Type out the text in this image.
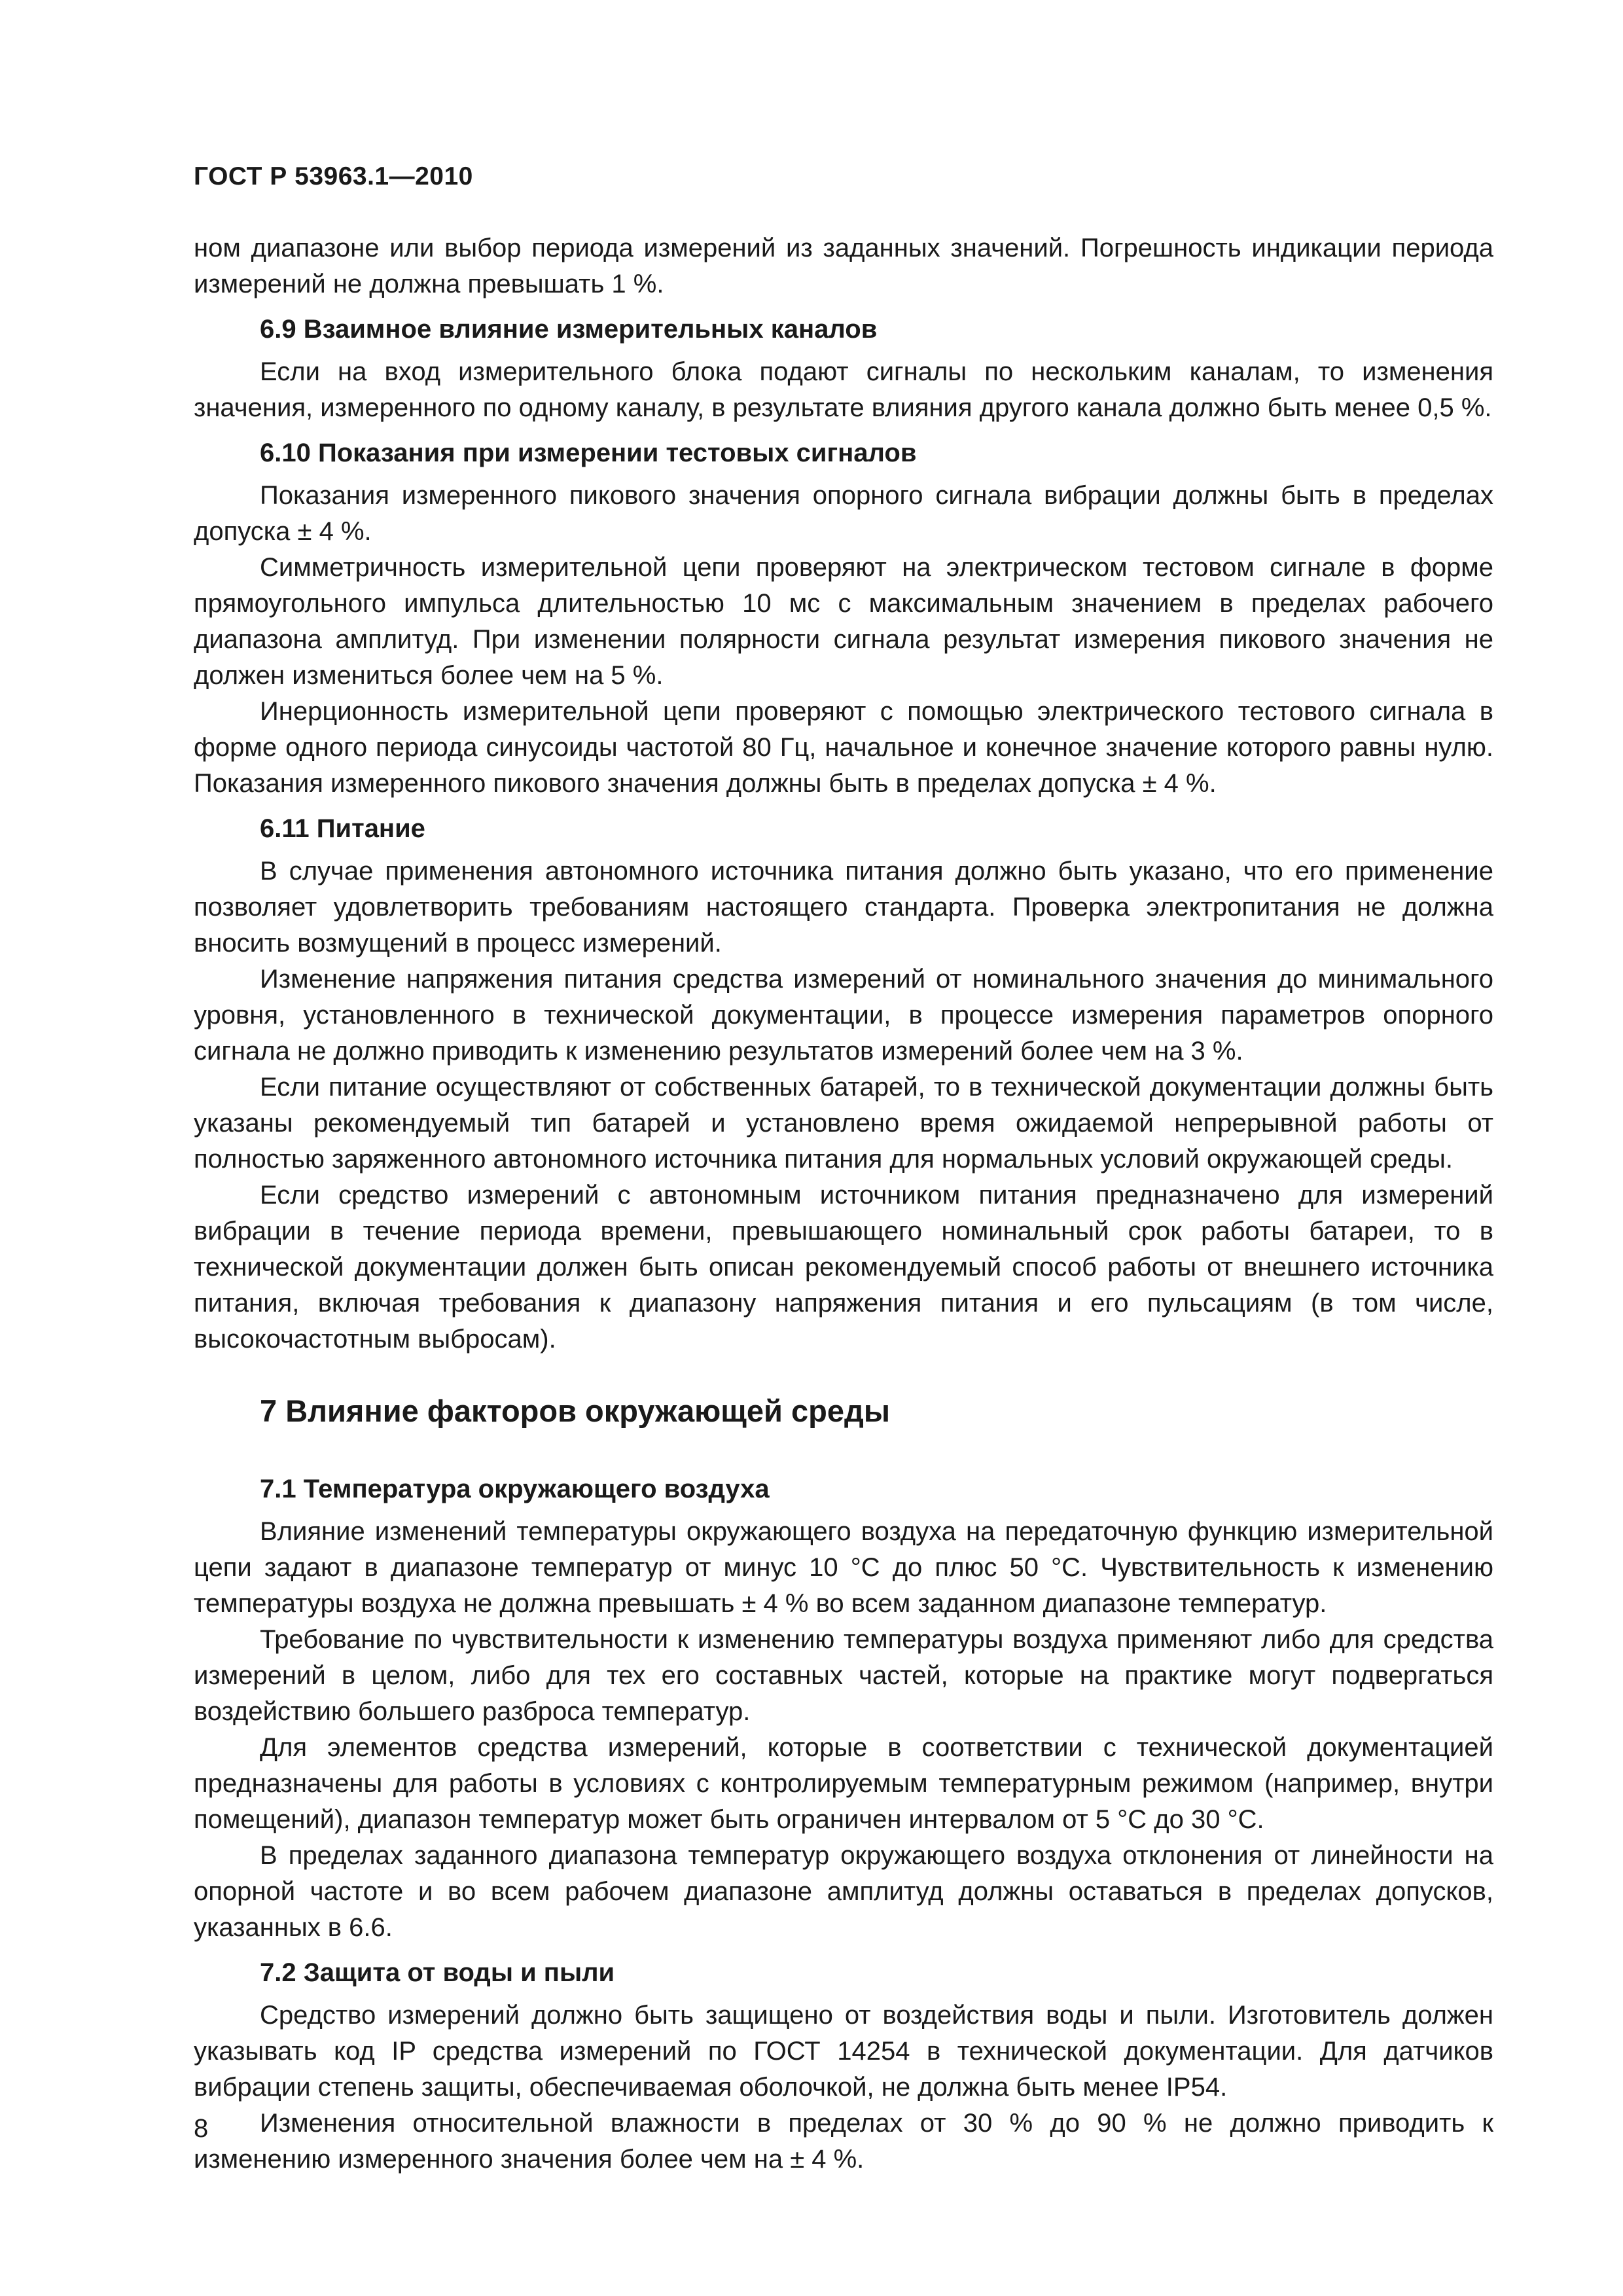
ГОСТ Р 53963.1—2010

ном диапазоне или выбор периода измерений из заданных значений. Погрешность индикации периода измерений не должна превышать 1 %.

6.9 Взаимное влияние измерительных каналов

Если на вход измерительного блока подают сигналы по нескольким каналам, то изменения значения, измеренного по одному каналу, в результате влияния другого канала должно быть менее 0,5 %.

6.10 Показания при измерении тестовых сигналов

Показания измеренного пикового значения опорного сигнала вибрации должны быть в пределах допуска ± 4 %.

Симметричность измерительной цепи проверяют на электрическом тестовом сигнале в форме прямоугольного импульса длительностью 10 мс с максимальным значением в пределах рабочего диапазона амплитуд. При изменении полярности сигнала результат измерения пикового значения не должен измениться более чем на 5 %.

Инерционность измерительной цепи проверяют с помощью электрического тестового сигнала в форме одного периода синусоиды частотой 80 Гц, начальное и конечное значение которого равны нулю. Показания измеренного пикового значения должны быть в пределах допуска ± 4 %.

6.11 Питание

В случае применения автономного источника питания должно быть указано, что его применение позволяет удовлетворить требованиям настоящего стандарта. Проверка электропитания не должна вносить возмущений в процесс измерений.

Изменение напряжения питания средства измерений от номинального значения до минимального уровня, установленного в технической документации, в процессе измерения параметров опорного сигнала не должно приводить к изменению результатов измерений более чем на 3 %.

Если питание осуществляют от собственных батарей, то в технической документации должны быть указаны рекомендуемый тип батарей и установлено время ожидаемой непрерывной работы от полностью заряженного автономного источника питания для нормальных условий окружающей среды.

Если средство измерений с автономным источником питания предназначено для измерений вибрации в течение периода времени, превышающего номинальный срок работы батареи, то в технической документации должен быть описан рекомендуемый способ работы от внешнего источника питания, включая требования к диапазону напряжения питания и его пульсациям (в том числе, высокочастотным выбросам).

7 Влияние факторов окружающей среды
7.1 Температура окружающего воздуха

Влияние изменений температуры окружающего воздуха на передаточную функцию измерительной цепи задают в диапазоне температур от минус 10 °С до плюс 50 °С. Чувствительность к изменению температуры воздуха не должна превышать ± 4 % во всем заданном диапазоне температур.

Требование по чувствительности к изменению температуры воздуха применяют либо для средства измерений в целом, либо для тех его составных частей, которые на практике могут подвергаться воздействию большего разброса температур.

Для элементов средства измерений, которые в соответствии с технической документацией предназначены для работы в условиях с контролируемым температурным режимом (например, внутри помещений), диапазон температур может быть ограничен интервалом от 5 °С до 30 °С.

В пределах заданного диапазона температур окружающего воздуха отклонения от линейности на опорной частоте и во всем рабочем диапазоне амплитуд должны оставаться в пределах допусков, указанных в 6.6.

7.2 Защита от воды и пыли

Средство измерений должно быть защищено от воздействия воды и пыли. Изготовитель должен указывать код IP средства измерений по ГОСТ 14254 в технической документации. Для датчиков вибрации степень защиты, обеспечиваемая оболочкой, не должна быть менее IP54.

Изменения относительной влажности в пределах от 30 % до 90 % не должно приводить к изменению измеренного значения более чем на ± 4 %.

8
